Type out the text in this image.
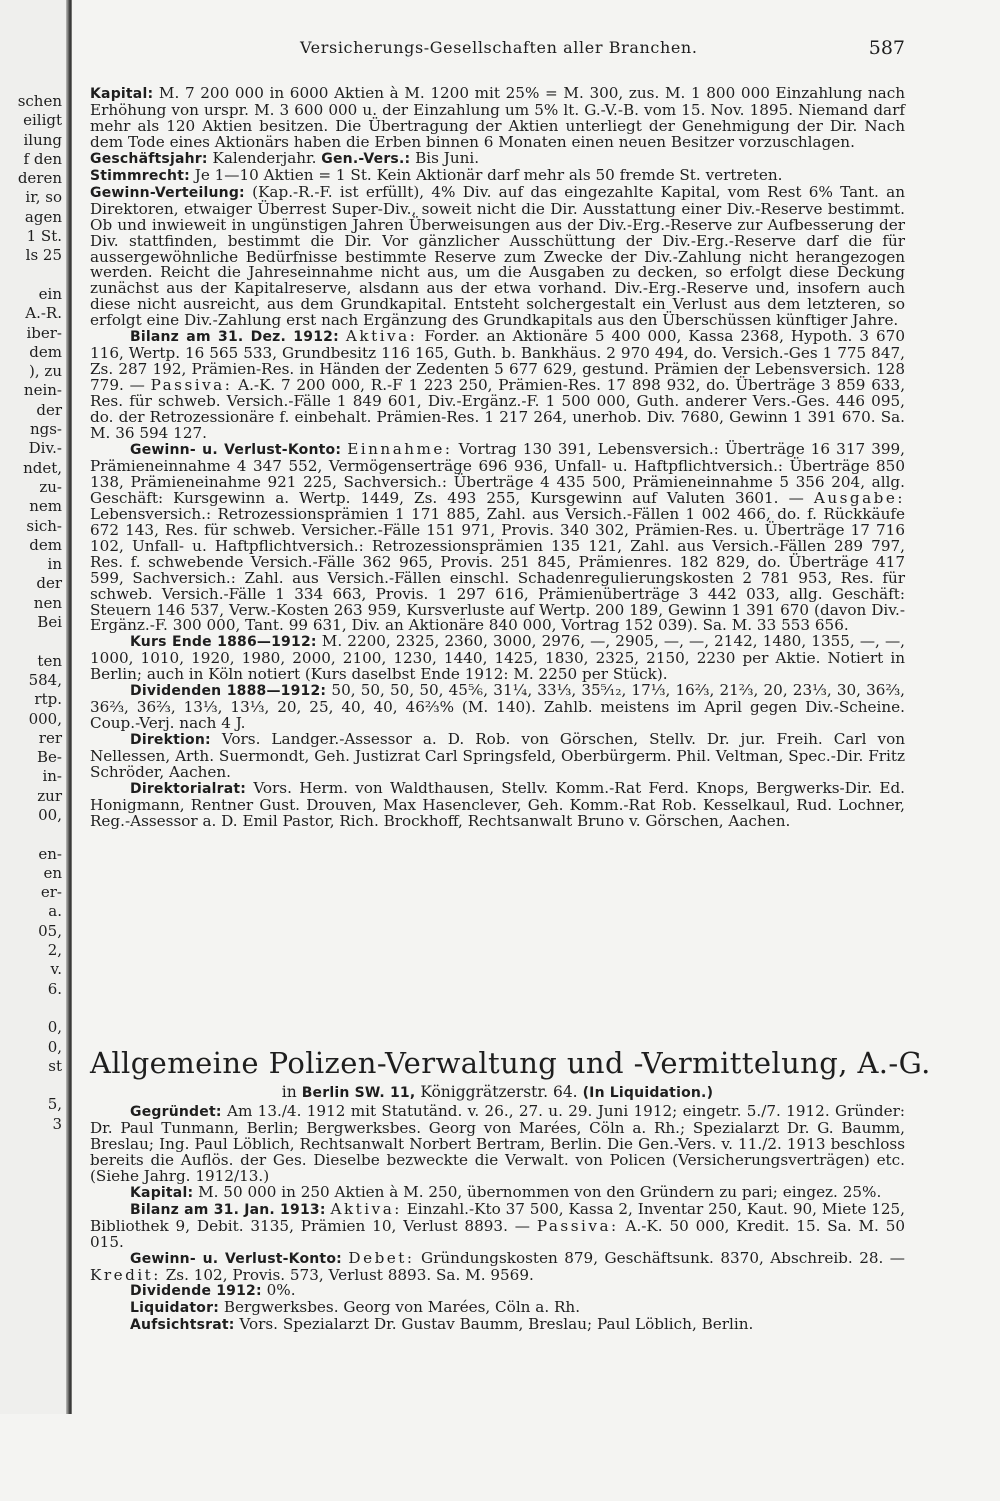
schen
eiligt
ilung
f den
deren
ir, so
agen
1 St.
ls 25

ein
A.-R.
iber-
dem
), zu
nein-
der
ngs-
Div.-
ndet,
zu-
nem
sich-
dem
in
der
nen
Bei

ten
584,
rtp.
000,
rer
Be-
in-
zur
00,

en-
en
er-
a.
05,
2,
v.
6.

0,
0,
st

5,
3

Versicherungs-Gesellschaften aller Branchen.	587

Kapital: M. 7 200 000 in 6000 Aktien à M. 1200 mit 25% = M. 300, zus. M. 1 800 000 Einzahlung nach Erhöhung von urspr. M. 3 600 000 u. der Einzahlung um 5% lt. G.-V.-B. vom 15. Nov. 1895. Niemand darf mehr als 120 Aktien besitzen. Die Übertragung der Aktien unterliegt der Genehmigung der Dir. Nach dem Tode eines Aktionärs haben die Erben binnen 6 Monaten einen neuen Besitzer vorzuschlagen.

Geschäftsjahr: Kalenderjahr. Gen.-Vers.: Bis Juni.

Stimmrecht: Je 1—10 Aktien = 1 St. Kein Aktionär darf mehr als 50 fremde St. vertreten.

Gewinn-Verteilung: (Kap.-R.-F. ist erfüllt), 4% Div. auf das eingezahlte Kapital, vom Rest 6% Tant. an Direktoren, etwaiger Überrest Super-Div., soweit nicht die Dir. Ausstattung einer Div.-Reserve bestimmt. Ob und inwieweit in ungünstigen Jahren Überweisungen aus der Div.-Erg.-Reserve zur Aufbesserung der Div. stattfinden, bestimmt die Dir. Vor gänzlicher Ausschüttung der Div.-Erg.-Reserve darf die für aussergewöhnliche Bedürfnisse bestimmte Reserve zum Zwecke der Div.-Zahlung nicht herangezogen werden. Reicht die Jahreseinnahme nicht aus, um die Ausgaben zu decken, so erfolgt diese Deckung zunächst aus der Kapitalreserve, alsdann aus der etwa vorhand. Div.-Erg.-Reserve und, insofern auch diese nicht ausreicht, aus dem Grundkapital. Entsteht solchergestalt ein Verlust aus dem letzteren, so erfolgt eine Div.-Zahlung erst nach Ergänzung des Grundkapitals aus den Überschüssen künftiger Jahre.

Bilanz am 31. Dez. 1912: Aktiva: Forder. an Aktionäre 5 400 000, Kassa 2368, Hypoth. 3 670 116, Wertp. 16 565 533, Grundbesitz 116 165, Guth. b. Bankhäus. 2 970 494, do. Versich.-Ges 1 775 847, Zs. 287 192, Prämien-Res. in Händen der Zedenten 5 677 629, gestund. Prämien der Lebensversich. 128 779. — Passiva: A.-K. 7 200 000, R.-F 1 223 250, Prämien-Res. 17 898 932, do. Überträge 3 859 633, Res. für schweb. Versich.-Fälle 1 849 601, Div.-Ergänz.-F. 1 500 000, Guth. anderer Vers.-Ges. 446 095, do. der Retrozessionäre f. einbehalt. Prämien-Res. 1 217 264, unerhob. Div. 7680, Gewinn 1 391 670. Sa. M. 36 594 127.

Gewinn- u. Verlust-Konto: Einnahme: Vortrag 130 391, Lebensversich.: Überträge 16 317 399, Prämieneinnahme 4 347 552, Vermögenserträge 696 936, Unfall- u. Haftpflichtversich.: Überträge 850 138, Prämieneinahme 921 225, Sachversich.: Überträge 4 435 500, Prämieneinnahme 5 356 204, allg. Geschäft: Kursgewinn a. Wertp. 1449, Zs. 493 255, Kursgewinn auf Valuten 3601. — Ausgabe: Lebensversich.: Retrozessionsprämien 1 171 885, Zahl. aus Versich.-Fällen 1 002 466, do. f. Rückkäufe 672 143, Res. für schweb. Versicher.-Fälle 151 971, Provis. 340 302, Prämien-Res. u. Überträge 17 716 102, Unfall- u. Haftpflichtversich.: Retrozessionsprämien 135 121, Zahl. aus Versich.-Fällen 289 797, Res. f. schwebende Versich.-Fälle 362 965, Provis. 251 845, Prämienres. 182 829, do. Überträge 417 599, Sachversich.: Zahl. aus Versich.-Fällen einschl. Schadenregulierungskosten 2 781 953, Res. für schweb. Versich.-Fälle 1 334 663, Provis. 1 297 616, Prämienüberträge 3 442 033, allg. Geschäft: Steuern 146 537, Verw.-Kosten 263 959, Kursverluste auf Wertp. 200 189, Gewinn 1 391 670 (davon Div.-Ergänz.-F. 300 000, Tant. 99 631, Div. an Aktionäre 840 000, Vortrag 152 039). Sa. M. 33 553 656.

Kurs Ende 1886—1912: M. 2200, 2325, 2360, 3000, 2976, —, 2905, —, —, 2142, 1480, 1355, —, —, 1000, 1010, 1920, 1980, 2000, 2100, 1230, 1440, 1425, 1830, 2325, 2150, 2230 per Aktie. Notiert in Berlin; auch in Köln notiert (Kurs daselbst Ende 1912: M. 2250 per Stück).

Dividenden 1888—1912: 50, 50, 50, 50, 45⅚, 31¼, 33⅓, 35⁵⁄₁₂, 17⅓, 16⅔, 21⅔, 20, 23⅓, 30, 36⅔, 36⅔, 36⅔, 13⅓, 13⅓, 20, 25, 40, 40, 46⅔% (M. 140). Zahlb. meistens im April gegen Div.-Scheine. Coup.-Verj. nach 4 J.

Direktion: Vors. Landger.-Assessor a. D. Rob. von Görschen, Stellv. Dr. jur. Freih. Carl von Nellessen, Arth. Suermondt, Geh. Justizrat Carl Springsfeld, Oberbürgerm. Phil. Veltman, Spec.-Dir. Fritz Schröder, Aachen.

Direktorialrat: Vors. Herm. von Waldthausen, Stellv. Komm.-Rat Ferd. Knops, Bergwerks-Dir. Ed. Honigmann, Rentner Gust. Drouven, Max Hasenclever, Geh. Komm.-Rat Rob. Kesselkaul, Rud. Lochner, Reg.-Assessor a. D. Emil Pastor, Rich. Brockhoff, Rechtsanwalt Bruno v. Görschen, Aachen.

Allgemeine Polizen-Verwaltung und -Vermittelung, A.-G.
in Berlin SW. 11, Königgrätzerstr. 64. (In Liquidation.)

Gegründet: Am 13./4. 1912 mit Statutänd. v. 26., 27. u. 29. Juni 1912; eingetr. 5./7. 1912. Gründer: Dr. Paul Tunmann, Berlin; Bergwerksbes. Georg von Marées, Cöln a. Rh.; Spezialarzt Dr. G. Baumm, Breslau; Ing. Paul Löblich, Rechtsanwalt Norbert Bertram, Berlin. Die Gen.-Vers. v. 11./2. 1913 beschloss bereits die Auflös. der Ges. Dieselbe bezweckte die Verwalt. von Policen (Versicherungsverträgen) etc. (Siehe Jahrg. 1912/13.)

Kapital: M. 50 000 in 250 Aktien à M. 250, übernommen von den Gründern zu pari; eingez. 25%.

Bilanz am 31. Jan. 1913: Aktiva: Einzahl.-Kto 37 500, Kassa 2, Inventar 250, Kaut. 90, Miete 125, Bibliothek 9, Debit. 3135, Prämien 10, Verlust 8893. — Passiva: A.-K. 50 000, Kredit. 15. Sa. M. 50 015.

Gewinn- u. Verlust-Konto: Debet: Gründungskosten 879, Geschäftsunk. 8370, Abschreib. 28. — Kredit: Zs. 102, Provis. 573, Verlust 8893. Sa. M. 9569.

Dividende 1912: 0%.

Liquidator: Bergwerksbes. Georg von Marées, Cöln a. Rh.

Aufsichtsrat: Vors. Spezialarzt Dr. Gustav Baumm, Breslau; Paul Löblich, Berlin.
